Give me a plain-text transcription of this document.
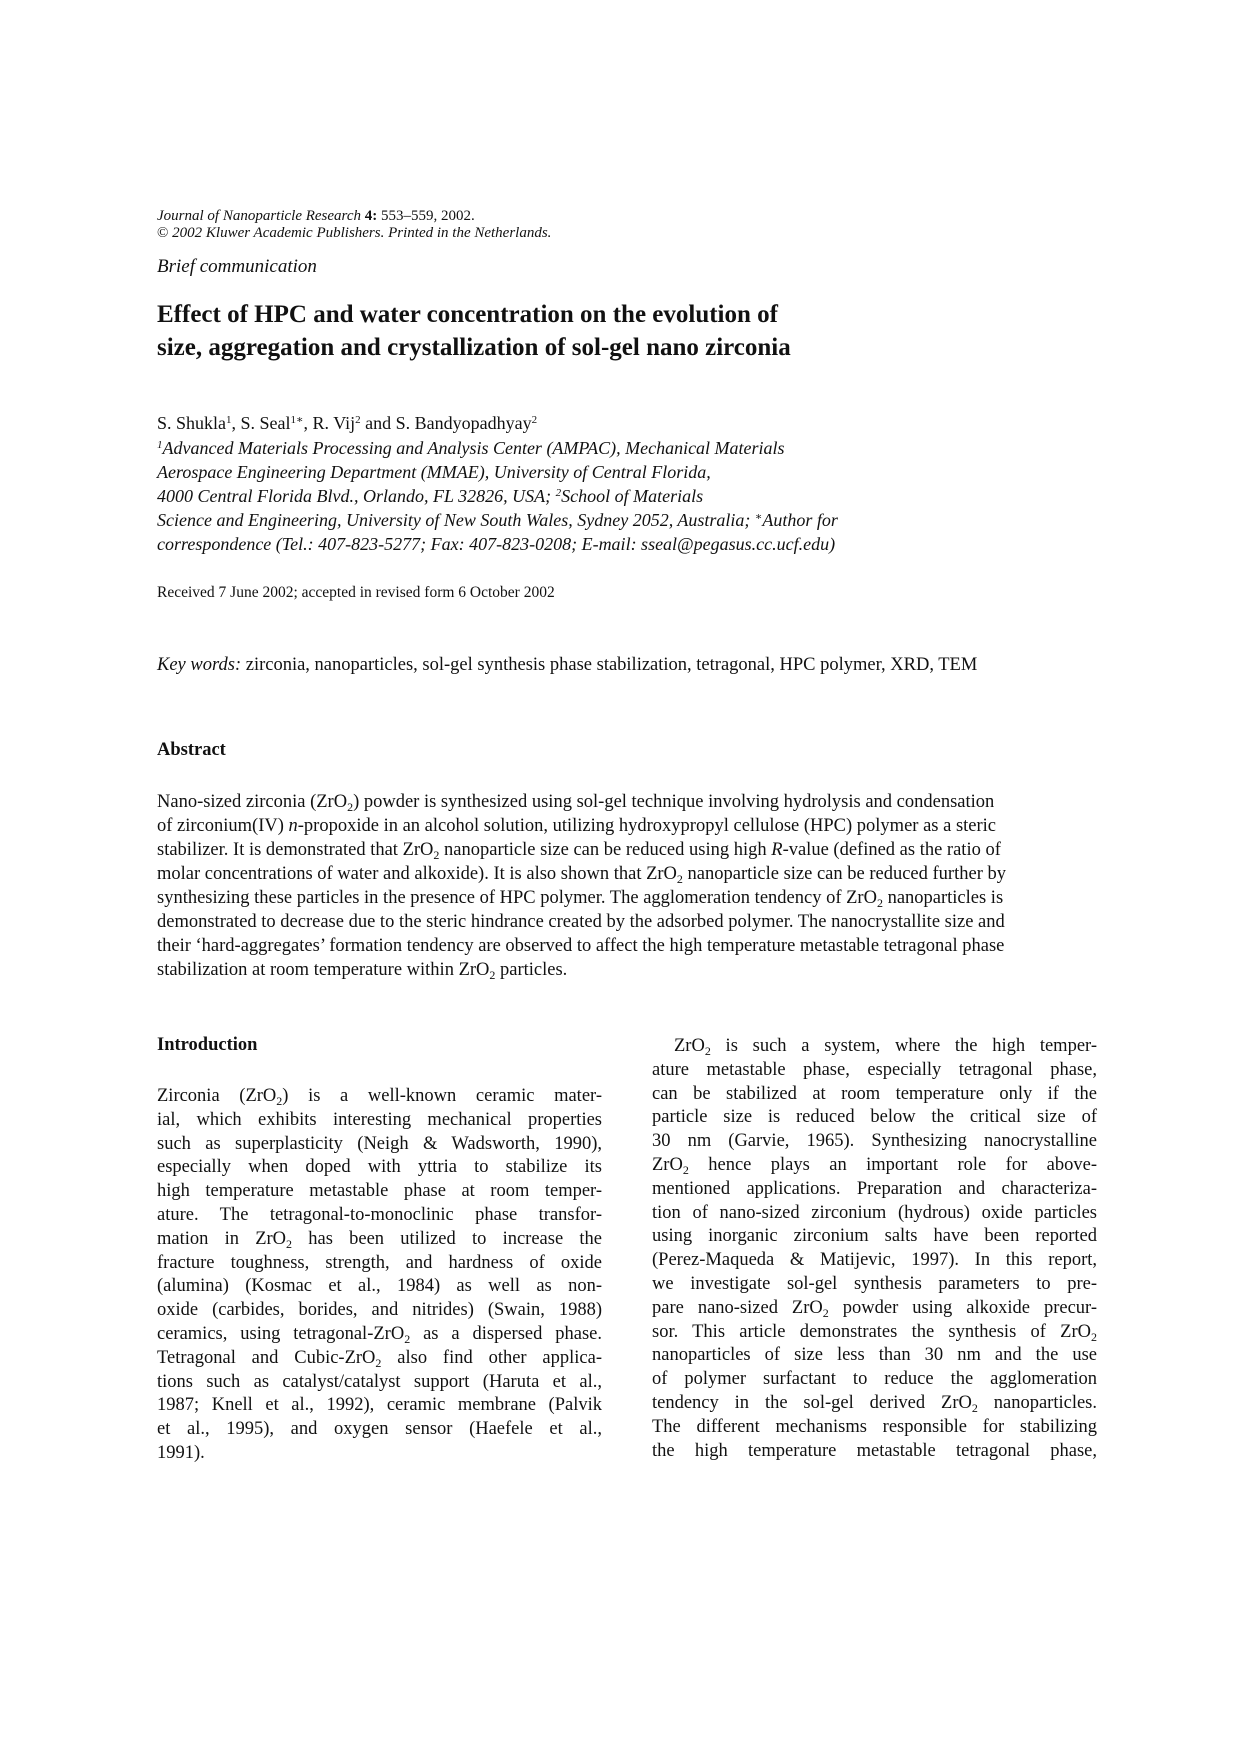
Journal of Nanoparticle Research 4: 553–559, 2002.
© 2002 Kluwer Academic Publishers. Printed in the Netherlands.
Brief communication
Effect of HPC and water concentration on the evolution of
size, aggregation and crystallization of sol-gel nano zirconia
S. Shukla$^1$, S. Seal$^{1∗}$, R. Vij$^2$ and S. Bandyopadhyay$^2$
$^1$Advanced Materials Processing and Analysis Center (AMPAC), Mechanical Materials
Aerospace Engineering Department (MMAE), University of Central Florida,
4000 Central Florida Blvd., Orlando, FL 32826, USA; $^2$School of Materials
Science and Engineering, University of New South Wales, Sydney 2052, Australia; ∗Author for
correspondence (Tel.: 407-823-5277; Fax: 407-823-0208; E-mail: sseal@pegasus.cc.ucf.edu)
Received 7 June 2002; accepted in revised form 6 October 2002
Key words: zirconia, nanoparticles, sol-gel synthesis phase stabilization, tetragonal, HPC polymer, XRD, TEM
Abstract
Nano-sized zirconia (ZrO$_2$) powder is synthesized using sol-gel technique involving hydrolysis and condensation
of zirconium(IV) n-propoxide in an alcohol solution, utilizing hydroxypropyl cellulose (HPC) polymer as a steric
stabilizer. It is demonstrated that ZrO$_2$ nanoparticle size can be reduced using high R-value (defined as the ratio of
molar concentrations of water and alkoxide). It is also shown that ZrO$_2$ nanoparticle size can be reduced further by
synthesizing these particles in the presence of HPC polymer. The agglomeration tendency of ZrO$_2$ nanoparticles is
demonstrated to decrease due to the steric hindrance created by the adsorbed polymer. The nanocrystallite size and
their ‘hard-aggregates’ formation tendency are observed to affect the high temperature metastable tetragonal phase
stabilization at room temperature within ZrO$_2$ particles.
Introduction
Zirconia (ZrO$_2$) is a well-known ceramic mater-
ial, which exhibits interesting mechanical properties
such as superplasticity (Neigh & Wadsworth, 1990),
especially when doped with yttria to stabilize its
high temperature metastable phase at room temper-
ature. The tetragonal-to-monoclinic phase transfor-
mation in ZrO$_2$ has been utilized to increase the
fracture toughness, strength, and hardness of oxide
(alumina) (Kosmac et al., 1984) as well as non-
oxide (carbides, borides, and nitrides) (Swain, 1988)
ceramics, using tetragonal-ZrO$_2$ as a dispersed phase.
Tetragonal and Cubic-ZrO$_2$ also find other applica-
tions such as catalyst/catalyst support (Haruta et al.,
1987; Knell et al., 1992), ceramic membrane (Palvik
et al., 1995), and oxygen sensor (Haefele et al.,
1991).
ZrO$_2$ is such a system, where the high temper-
ature metastable phase, especially tetragonal phase,
can be stabilized at room temperature only if the
particle size is reduced below the critical size of
30 nm (Garvie, 1965). Synthesizing nanocrystalline
ZrO$_2$ hence plays an important role for above-
mentioned applications. Preparation and characteriza-
tion of nano-sized zirconium (hydrous) oxide particles
using inorganic zirconium salts have been reported
(Perez-Maqueda & Matijevic, 1997). In this report,
we investigate sol-gel synthesis parameters to pre-
pare nano-sized ZrO$_2$ powder using alkoxide precur-
sor. This article demonstrates the synthesis of ZrO$_2$
nanoparticles of size less than 30 nm and the use
of polymer surfactant to reduce the agglomeration
tendency in the sol-gel derived ZrO$_2$ nanoparticles.
The different mechanisms responsible for stabilizing
the high temperature metastable tetragonal phase,
